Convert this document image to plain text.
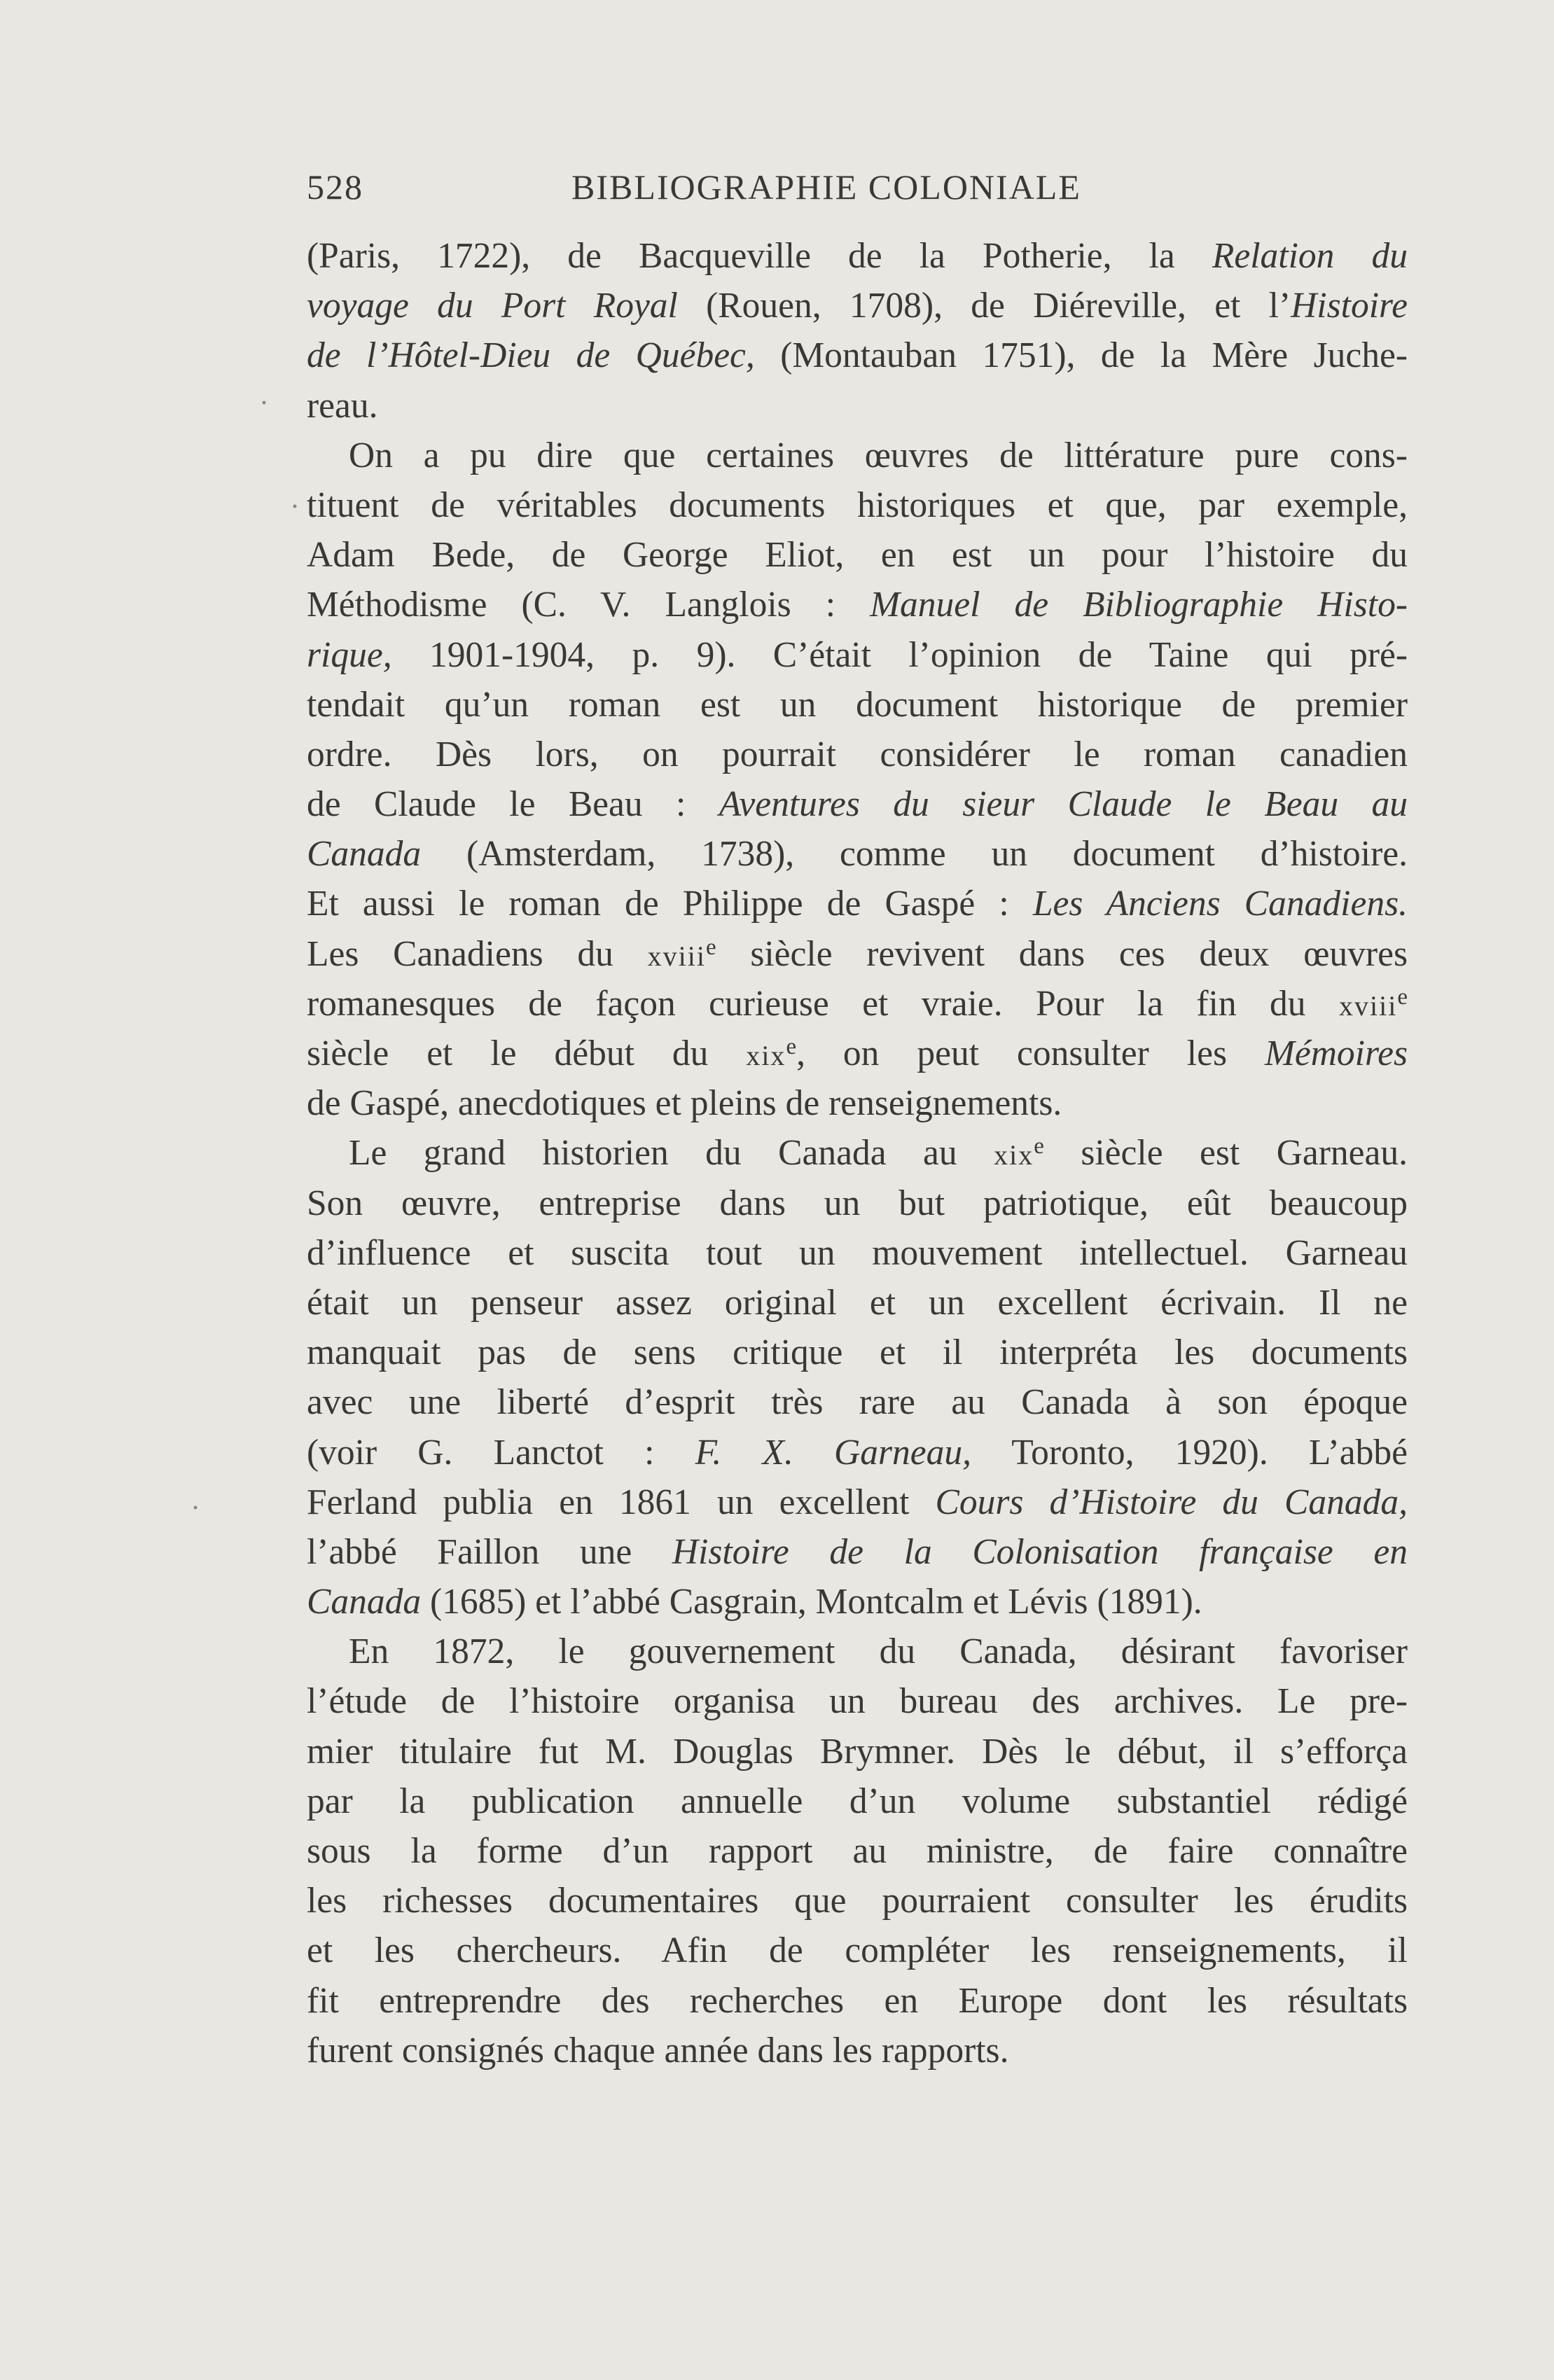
528	BIBLIOGRAPHIE COLONIALE
(Paris, 1722), de Bacqueville de la Potherie, la Relation du
voyage du Port Royal (Rouen, 1708), de Diéreville, et l’Histoire
de l’Hôtel-Dieu de Québec, (Montauban 1751), de la Mère Juche-
reau.
On a pu dire que certaines œuvres de littérature pure cons-
tituent de véritables documents historiques et que, par exemple,
Adam Bede, de George Eliot, en est un pour l’histoire du
Méthodisme (C. V. Langlois : Manuel de Bibliographie Histo-
rique, 1901-1904, p. 9). C’était l’opinion de Taine qui pré-
tendait qu’un roman est un document historique de premier
ordre. Dès lors, on pourrait considérer le roman canadien
de Claude le Beau : Aventures du sieur Claude le Beau au
Canada (Amsterdam, 1738), comme un document d’histoire.
Et aussi le roman de Philippe de Gaspé : Les Anciens Canadiens.
Les Canadiens du xviii$^e$ siècle revivent dans ces deux œuvres
romanesques de façon curieuse et vraie. Pour la fin du xviii$^e$
siècle et le début du xix$^e$, on peut consulter les Mémoires
de Gaspé, anecdotiques et pleins de renseignements.
Le grand historien du Canada au xix$^e$ siècle est Garneau.
Son œuvre, entreprise dans un but patriotique, eût beaucoup
d’influence et suscita tout un mouvement intellectuel. Garneau
était un penseur assez original et un excellent écrivain. Il ne
manquait pas de sens critique et il interpréta les documents
avec une liberté d’esprit très rare au Canada à son époque
(voir G. Lanctot : F. X. Garneau, Toronto, 1920). L’abbé
Ferland publia en 1861 un excellent Cours d’Histoire du Canada,
l’abbé Faillon une Histoire de la Colonisation française en
Canada (1685) et l’abbé Casgrain, Montcalm et Lévis (1891).
En 1872, le gouvernement du Canada, désirant favoriser
l’étude de l’histoire organisa un bureau des archives. Le pre-
mier titulaire fut M. Douglas Brymner. Dès le début, il s’efforça
par la publication annuelle d’un volume substantiel rédigé
sous la forme d’un rapport au ministre, de faire connaître
les richesses documentaires que pourraient consulter les érudits
et les chercheurs. Afin de compléter les renseignements, il
fit entreprendre des recherches en Europe dont les résultats
furent consignés chaque année dans les rapports.
·
·
·
